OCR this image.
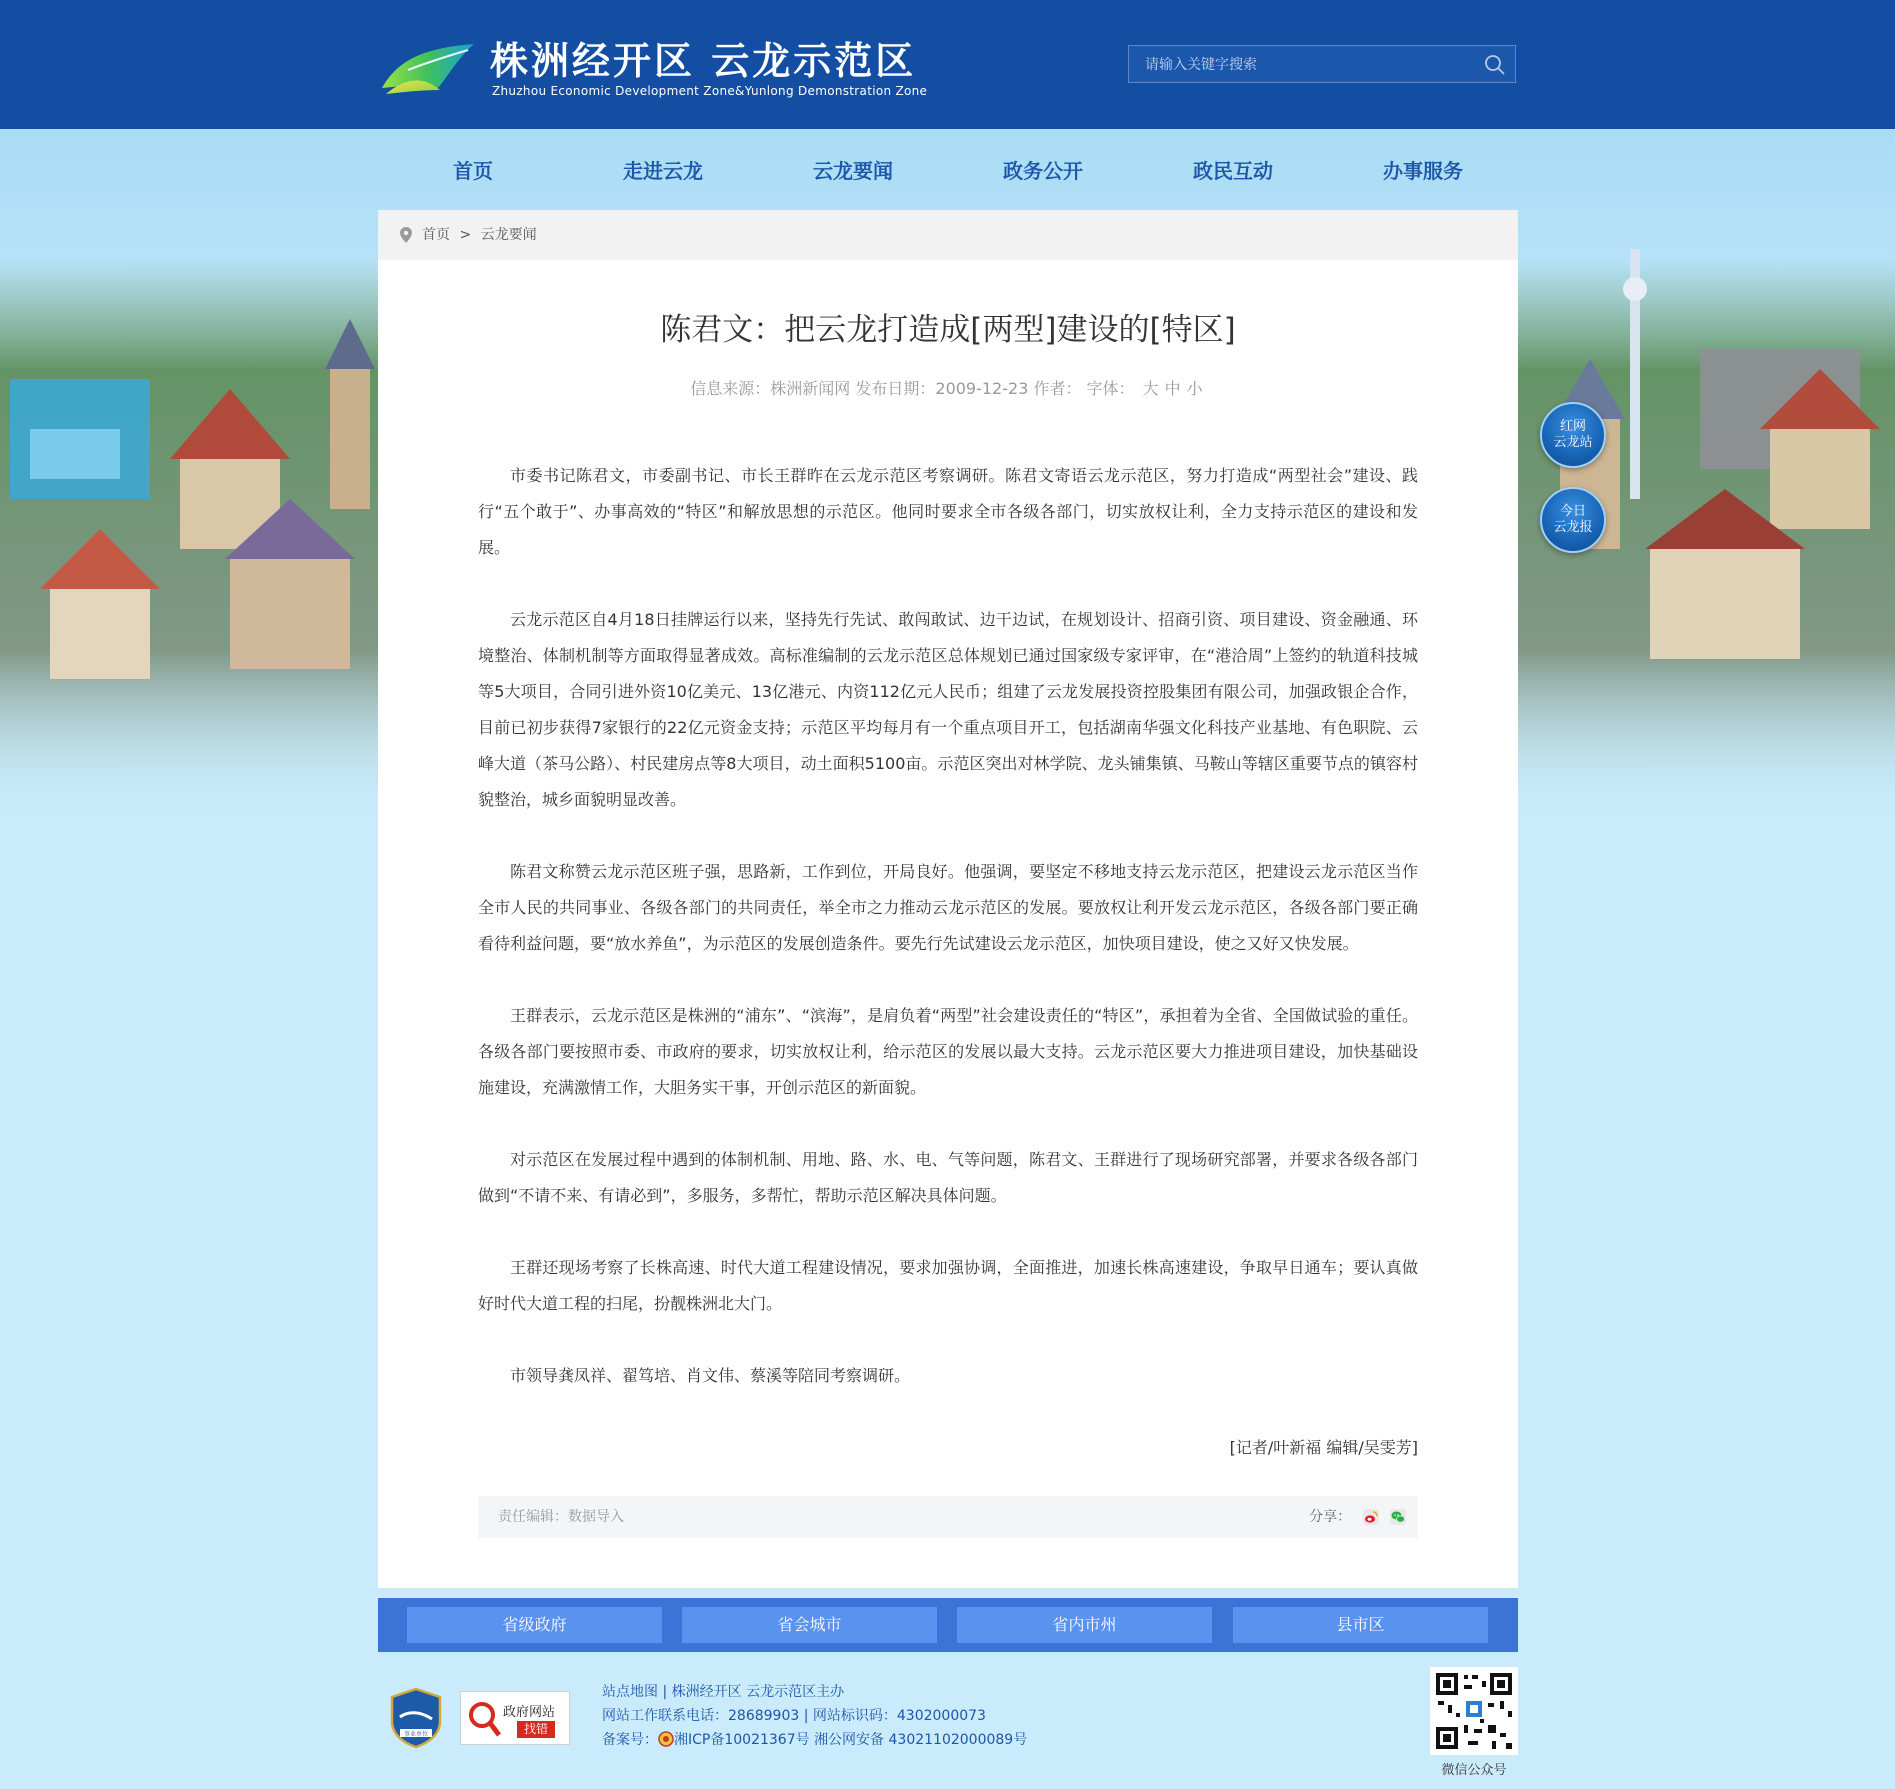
株洲经开区 云龙示范区
Zhuzhou Economic Development Zone&Yunlong Demonstration Zone
请输入关键字搜索
首页	走进云龙	云龙要闻	政务公开	政民互动	办事服务
首页 > 云龙要闻
陈君文：把云龙打造成[两型]建设的[特区]
信息来源：株洲新闻网 发布日期：2009-12-23 作者： 字体： 大 中 小

市委书记陈君文，市委副书记、市长王群昨在云龙示范区考察调研。陈君文寄语云龙示范区，努力打造成“两型社会”建设、践行“五个敢于”、办事高效的“特区”和解放思想的示范区。他同时要求全市各级各部门，切实放权让利，全力支持示范区的建设和发展。

云龙示范区自4月18日挂牌运行以来，坚持先行先试、敢闯敢试、边干边试，在规划设计、招商引资、项目建设、资金融通、环境整治、体制机制等方面取得显著成效。高标准编制的云龙示范区总体规划已通过国家级专家评审，在“港洽周”上签约的轨道科技城等5大项目，合同引进外资10亿美元、13亿港元、内资112亿元人民币；组建了云龙发展投资控股集团有限公司，加强政银企合作，目前已初步获得7家银行的22亿元资金支持；示范区平均每月有一个重点项目开工，包括湖南华强文化科技产业基地、有色职院、云峰大道（茶马公路）、村民建房点等8大项目，动土面积5100亩。示范区突出对林学院、龙头铺集镇、马鞍山等辖区重要节点的镇容村貌整治，城乡面貌明显改善。

陈君文称赞云龙示范区班子强，思路新，工作到位，开局良好。他强调，要坚定不移地支持云龙示范区，把建设云龙示范区当作全市人民的共同事业、各级各部门的共同责任，举全市之力推动云龙示范区的发展。要放权让利开发云龙示范区，各级各部门要正确看待利益问题，要“放水养鱼”，为示范区的发展创造条件。要先行先试建设云龙示范区，加快项目建设，使之又好又快发展。

王群表示，云龙示范区是株洲的“浦东”、“滨海”，是肩负着“两型”社会建设责任的“特区”，承担着为全省、全国做试验的重任。各级各部门要按照市委、市政府的要求，切实放权让利，给示范区的发展以最大支持。云龙示范区要大力推进项目建设，加快基础设施建设，充满激情工作，大胆务实干事，开创示范区的新面貌。

对示范区在发展过程中遇到的体制机制、用地、路、水、电、气等问题，陈君文、王群进行了现场研究部署，并要求各级各部门做到“不请不来、有请必到”，多服务，多帮忙，帮助示范区解决具体问题。

王群还现场考察了长株高速、时代大道工程建设情况，要求加强协调，全面推进，加速长株高速建设，争取早日通车；要认真做好时代大道工程的扫尾，扮靓株洲北大门。

市领导龚凤祥、翟笃培、肖文伟、蔡溪等陪同考察调研。

[记者/叶新福 编辑/吴雯芳]

责任编辑：数据导入	分享：
红网
云龙站
今日
云龙报
省级政府	省会城市	省内市州	县市区
事业单位
政府网站
找错
站点地图 | 株洲经开区 云龙示范区主办
网站工作联系电话：28689903 | 网站标识码：4302000073
备案号： 湘ICP备10021367号 湘公网安备 43021102000089号
微信公众号
